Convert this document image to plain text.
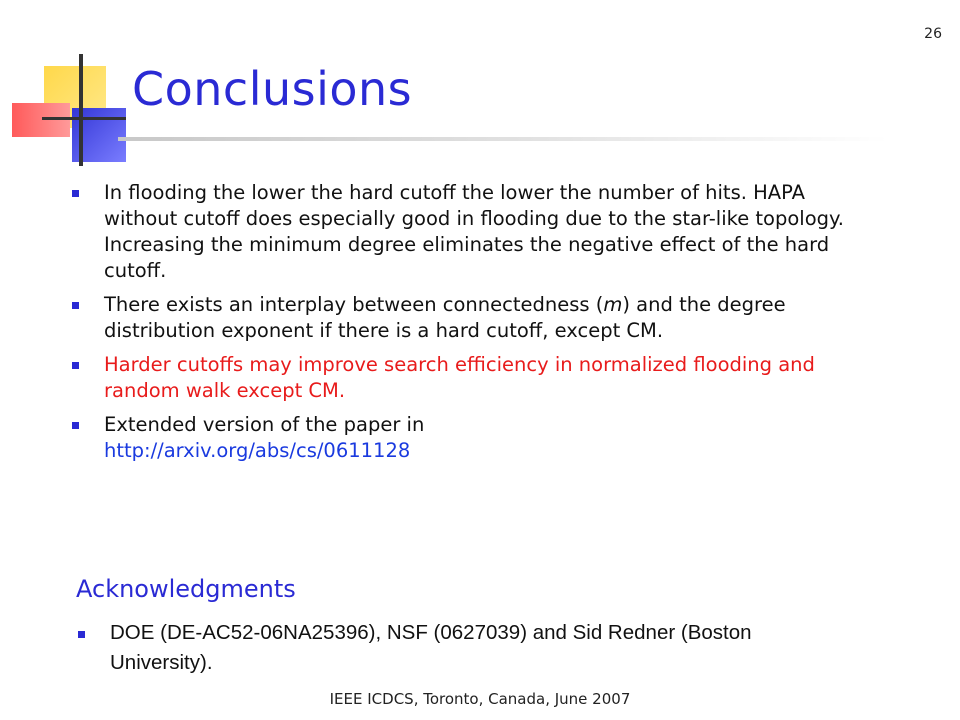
26
Conclusions
In flooding the lower the hard cutoff the lower the number of hits. HAPA without cutoff does especially good in flooding due to the star-like topology. Increasing the minimum degree eliminates the negative effect of the hard cutoff.
There exists an interplay between connectedness (m) and the degree distribution exponent if there is a hard cutoff, except CM.
Harder cutoffs may improve search efficiency in normalized flooding and random walk except CM.
Extended version of the paper in
http://arxiv.org/abs/cs/0611128
Acknowledgments
DOE (DE-AC52-06NA25396), NSF (0627039) and Sid Redner (Boston University).
IEEE ICDCS, Toronto, Canada, June 2007
